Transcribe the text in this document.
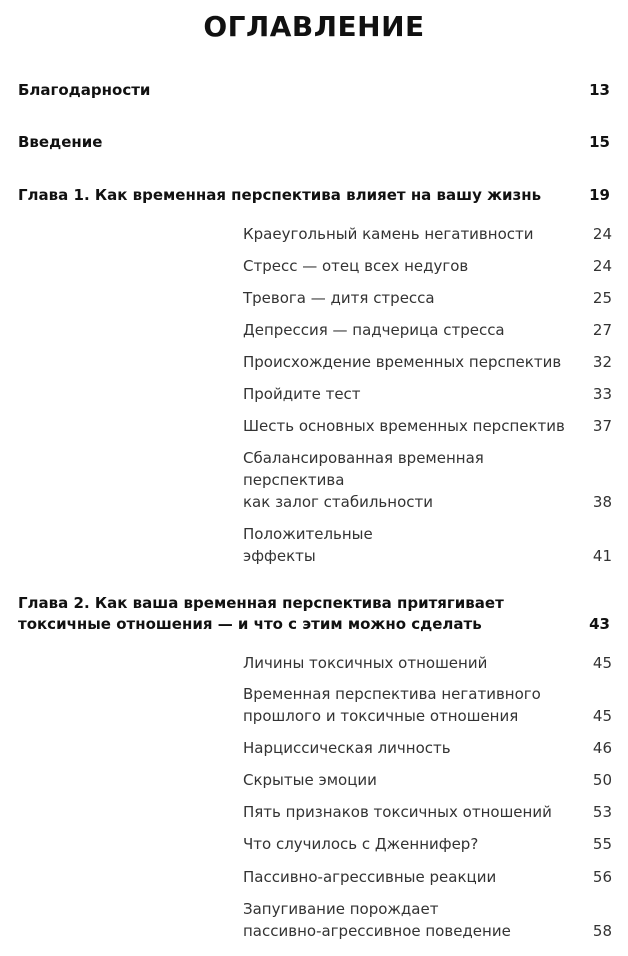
ОГЛАВЛЕНИЕ
Благодарности	13
Введение	15
Глава 1. Как временная перспектива влияет на вашу жизнь	19
Краеугольный камень негативности	24
Стресс — отец всех недугов	24
Тревога — дитя стресса	25
Депрессия — падчерица стресса	27
Происхождение временных перспектив	32
Пройдите тест	33
Шесть основных временных перспектив	37
Сбалансированная временная
перспектива
как залог стабильности	38
Положительные
эффекты	41
Глава 2. Как ваша временная перспектива притягивает
токсичные отношения — и что с этим можно сделать	43
Личины токсичных отношений	45
Временная перспектива негативного
прошлого и токсичные отношения	45
Нарциссическая личность	46
Скрытые эмоции	50
Пять признаков токсичных отношений	53
Что случилось с Дженнифер?	55
Пассивно-агрессивные реакции	56
Запугивание порождает
пассивно-агрессивное поведение	58
